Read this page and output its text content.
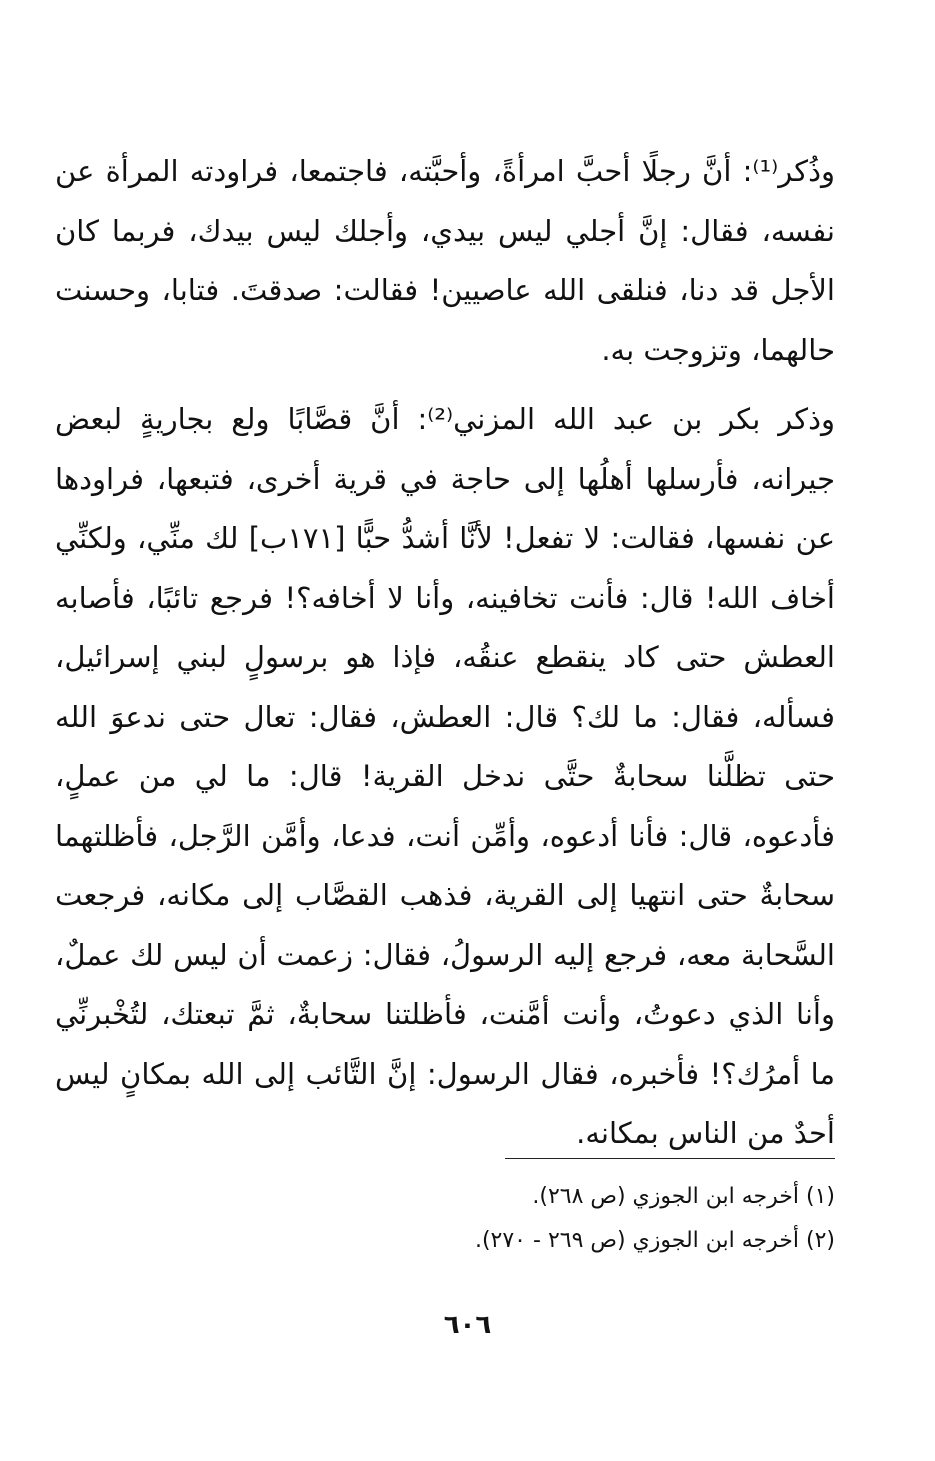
وذُكر⁽¹⁾: أنَّ رجلًا أحبَّ امرأةً، وأحبَّته، فاجتمعا، فراودته المرأة عن نفسه، فقال: إنَّ أجلي ليس بيدي، وأجلك ليس بيدك، فربما كان الأجل قد دنا، فنلقى الله عاصيين! فقالت: صدقتَ. فتابا، وحسنت حالهما، وتزوجت به.

وذكر بكر بن عبد الله المزني⁽²⁾: أنَّ قصَّابًا ولع بجاريةٍ لبعض جيرانه، فأرسلها أهلُها إلى حاجة في قرية أخرى، فتبعها، فراودها عن نفسها، فقالت: لا تفعل! لأنَّا أشدُّ حبًّا [١٧١ب] لك منِّي، ولكنِّي أخاف الله! قال: فأنت تخافينه، وأنا لا أخافه؟! فرجع تائبًا، فأصابه العطش حتى كاد ينقطع عنقُه، فإذا هو برسولٍ لبني إسرائيل، فسأله، فقال: ما لك؟ قال: العطش، فقال: تعال حتى ندعوَ الله حتى تظلَّنا سحابةٌ حتَّى ندخل القرية! قال: ما لي من عملٍ، فأدعوه، قال: فأنا أدعوه، وأمِّن أنت، فدعا، وأمَّن الرَّجل، فأظلتهما سحابةٌ حتى انتهيا إلى القرية، فذهب القصَّاب إلى مكانه، فرجعت السَّحابة معه، فرجع إليه الرسولُ، فقال: زعمت أن ليس لك عملٌ، وأنا الذي دعوتُ، وأنت أمَّنت، فأظلتنا سحابةٌ، ثمَّ تبعتك، لتُخْبرنِّي ما أمرُك؟! فأخبره، فقال الرسول: إنَّ التَّائب إلى الله بمكانٍ ليس أحدٌ من الناس بمكانه.

(١) أخرجه ابن الجوزي (ص ٢٦٨).
(٢) أخرجه ابن الجوزي (ص ٢٦٩ - ٢٧٠).
٦٠٦
